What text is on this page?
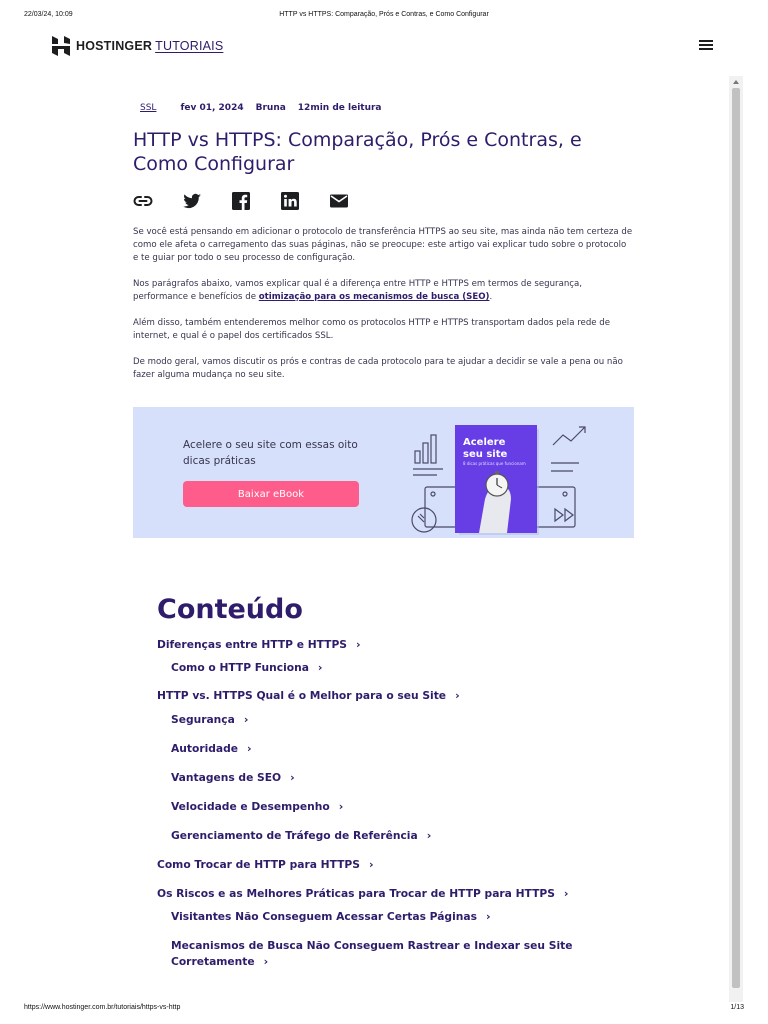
22/03/24, 10:09	HTTP vs HTTPS: Comparação, Prós e Contras, e Como Configurar
HOSTINGER TUTORIAIS
SSL	fev 01, 2024 Bruna 12min de leitura
HTTP vs HTTPS: Comparação, Prós e Contras, e Como Configurar

Se você está pensando em adicionar o protocolo de transferência HTTPS ao seu site, mas ainda não tem certeza de como ele afeta o carregamento das suas páginas, não se preocupe: este artigo vai explicar tudo sobre o protocolo e te guiar por todo o seu processo de configuração.

Nos parágrafos abaixo, vamos explicar qual é a diferença entre HTTP e HTTPS em termos de segurança, performance e benefícios de otimização para os mecanismos de busca (SEO).

Além disso, também entenderemos melhor como os protocolos HTTP e HTTPS transportam dados pela rede de internet, e qual é o papel dos certificados SSL.

De modo geral, vamos discutir os prós e contras de cada protocolo para te ajudar a decidir se vale a pena ou não fazer alguma mudança no seu site.

Acelere o seu site com essas oito dicas práticas
Baixar eBook
Acelere
seu site
8 dicas práticas que funcionam
Conteúdo
Diferenças entre HTTP e HTTPS ›
Como o HTTP Funciona ›
HTTP vs. HTTPS Qual é o Melhor para o seu Site ›
Segurança ›
Autoridade ›
Vantagens de SEO ›
Velocidade e Desempenho ›
Gerenciamento de Tráfego de Referência ›
Como Trocar de HTTP para HTTPS ›
Os Riscos e as Melhores Práticas para Trocar de HTTP para HTTPS ›
Visitantes Não Conseguem Acessar Certas Páginas ›
Mecanismos de Busca Não Conseguem Rastrear e Indexar seu Site Corretamente ›
https://www.hostinger.com.br/tutoriais/https-vs-http	1/13
